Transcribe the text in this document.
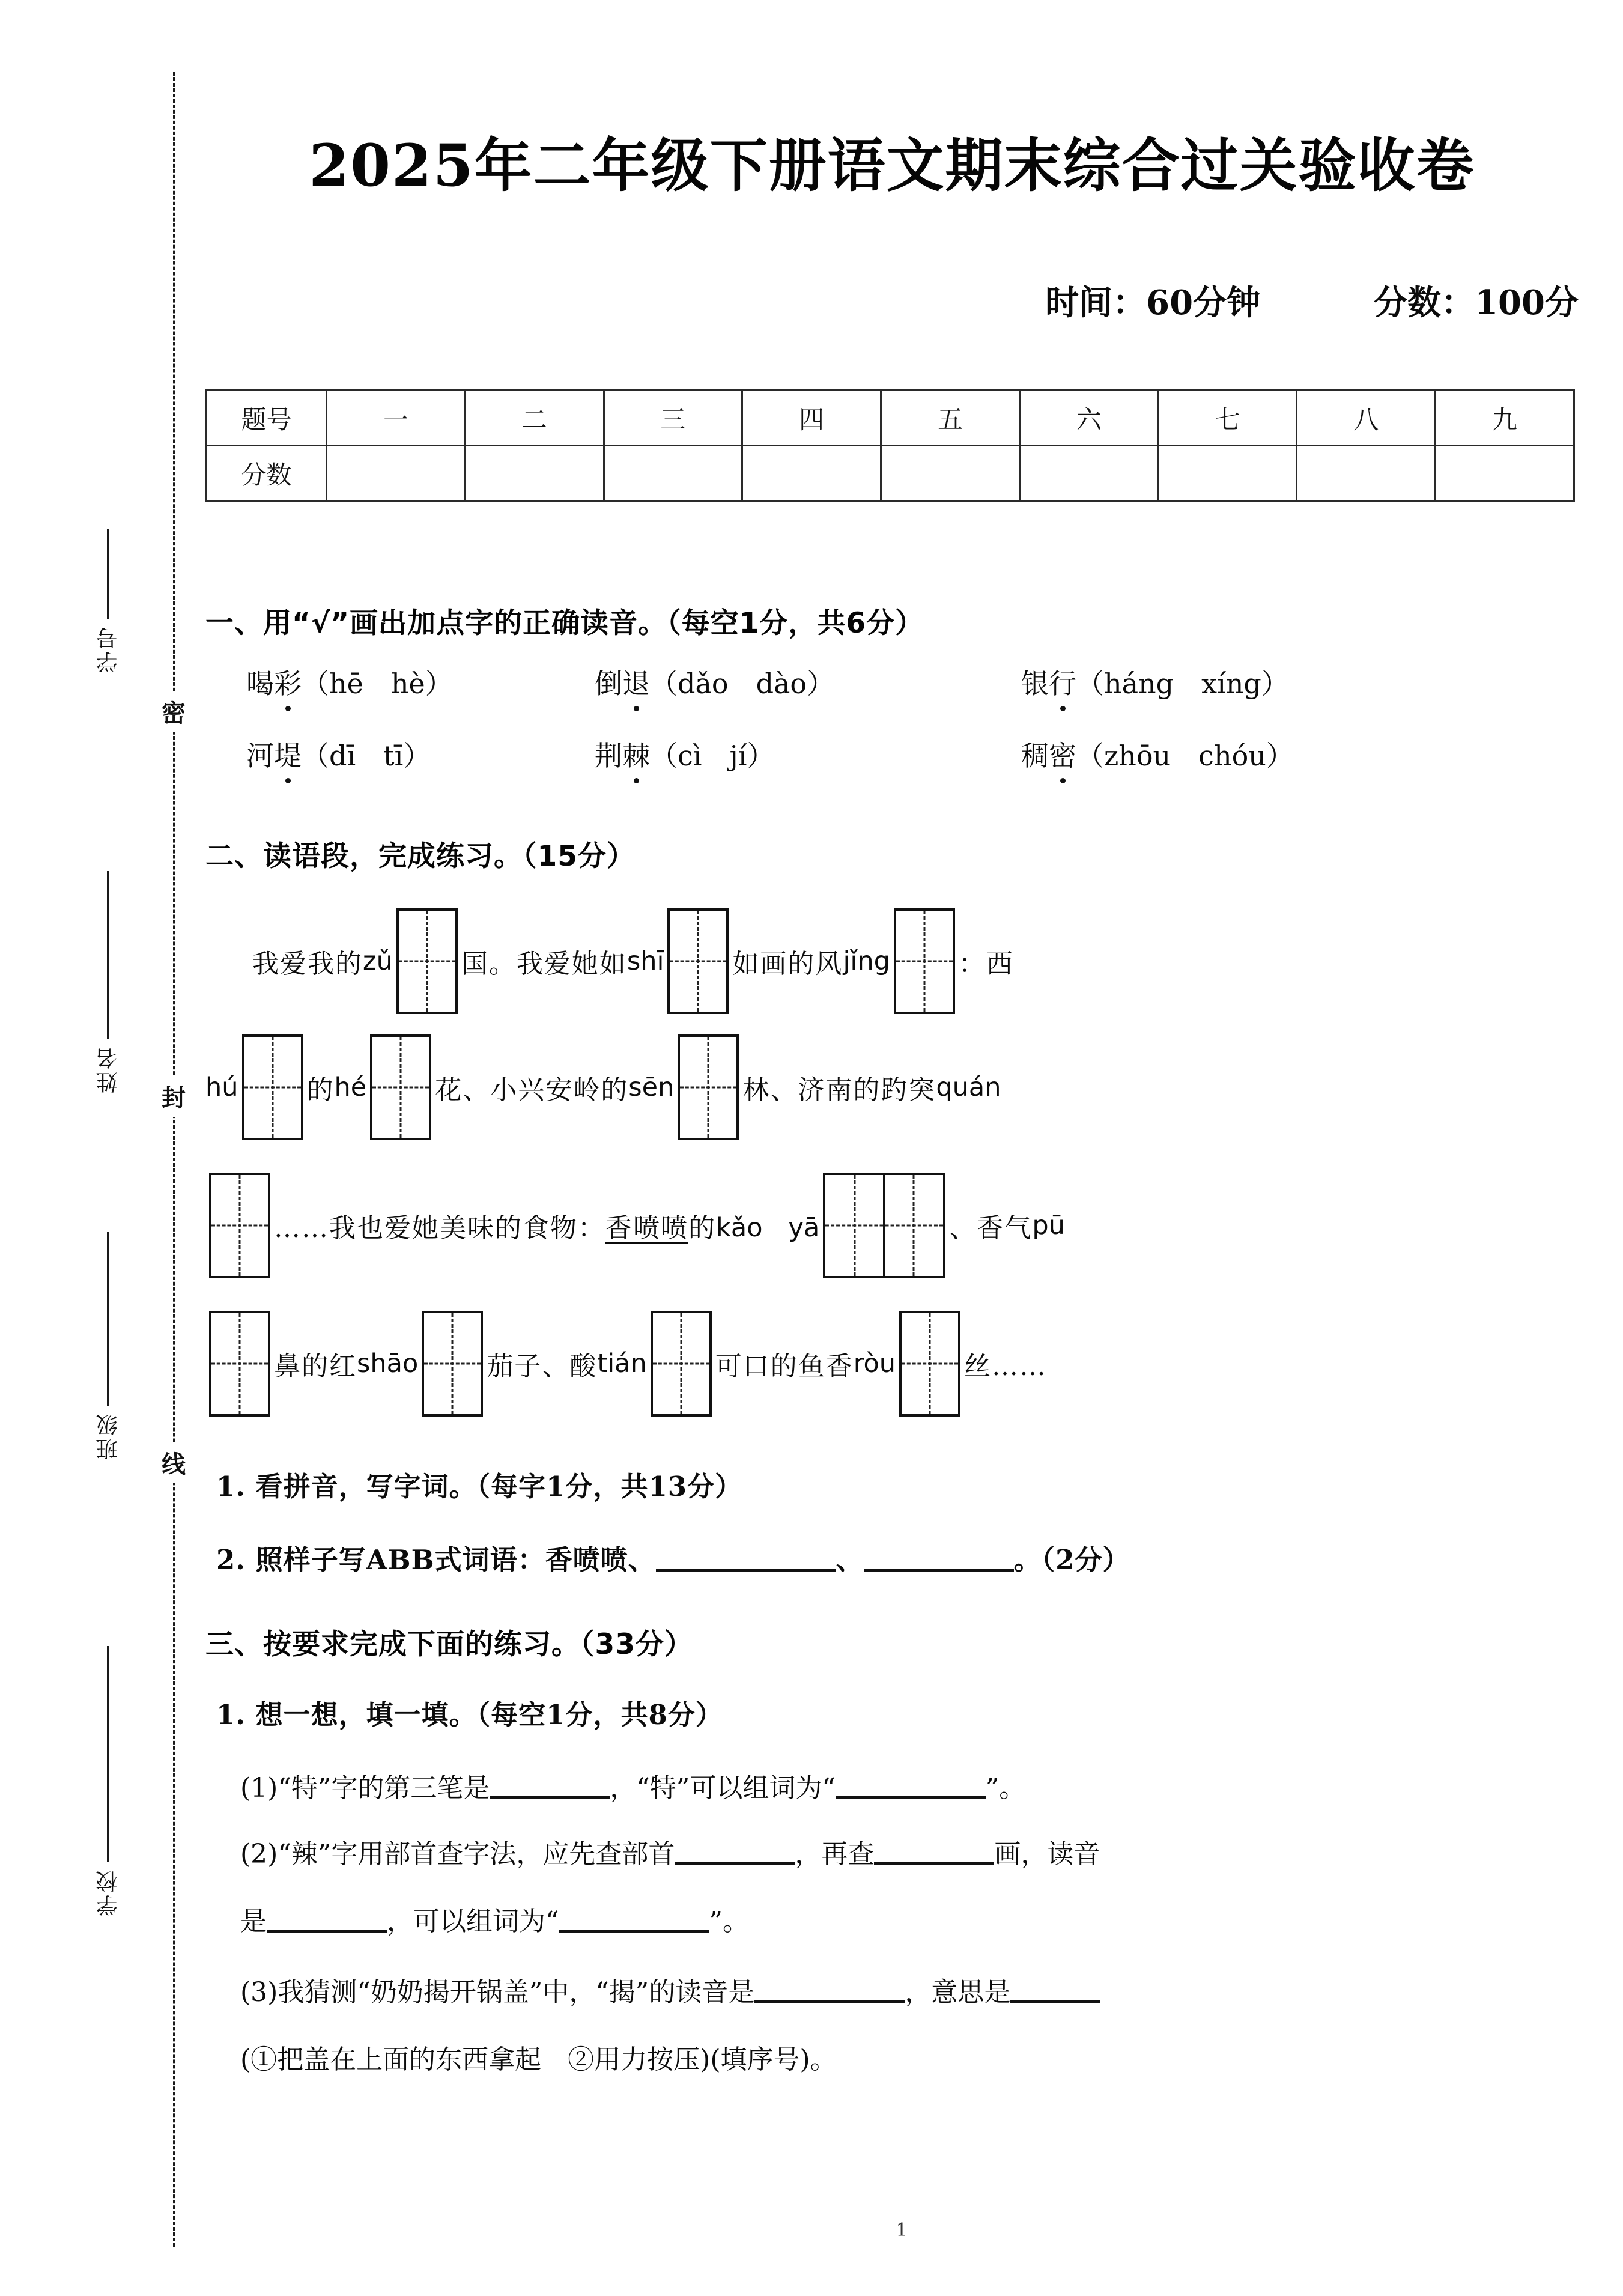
密
封
线
学号
姓名
班级
学校
2025年二年级下册语文期末综合过关验收卷
时间：60分钟	分数：100分
题号	一	二	三	四	五	六	七	八	九
分数									
一、用“√”画出加点字的正确读音。（每空1分，共6分）
喝彩（hē　hè）	倒退（dǎo　dào）	银行（háng　xíng）
河堤（dī　tī）	荆棘（cì　jí）	稠密（zhōu　chóu）
二、读语段，完成练习。（15分）
我爱我的 zǔ	国。我爱她如 shī	如画的风 jǐng	：西
hú	的 hé	花、小兴安岭的 sēn	林、济南的趵突 quán
……我也爱她美味的食物： 香喷喷 的 kǎo　yā	、香气 pū
鼻的红 shāo	茄子、酸 tián	可口的鱼香 ròu	丝……
1. 看拼音，写字词。（每字1分，共13分）
2. 照样子写ABB式词语：香喷喷、	、	。（2分）
三、按要求完成下面的练习。（33分）
1. 想一想，填一填。（每空1分，共8分）
(1)“特”字的第三笔是	，“特”可以组词为“	”。
(2)“辣”字用部首查字法，应先查部首	，再查	画，读音
是	，可以组词为“	”。
(3)我猜测“奶奶揭开锅盖”中，“揭”的读音是	，意思是
(①把盖在上面的东西拿起　②用力按压)(填序号)。
1
